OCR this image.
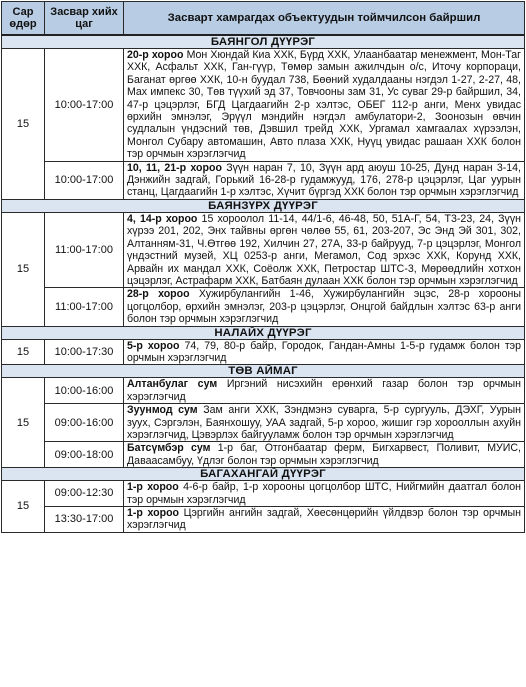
Сар өдөр	Засвар хийх цаг	Засварт хамрагдах объектуудын тоймчилсон байршил
БАЯНГОЛ ДҮҮРЭГ		
15	10:00-17:00	20-р хороо Мон Хюндай Киа ХХК, Бүрд ХХК, Улаанбаатар менежмент, Мон-Таг ХХК, Асфальт ХХК, Ган-гүүр, Төмөр замын ажилчдын о/с, Иточу корпораци, Баганат өргөө ХХК, 10-н буудал 738, Бөөний худалдааны нэгдэл 1-27, 2-27, 48, Max импекс 30, Төв түүхий эд 37, Товчооны зам 31, Ус суваг 29-р байршил, 34, 47-р цэцэрлэг, БГД Цагдаагийн 2-р хэлтэс, ОБЕГ 112-р анги, Менх увидас өрхийн эмнэлэг, Эрүүл мэндийн нэгдэл амбулатори-2, Зоонозын өвчин судлалын үндэсний төв, Дэвшил трейд ХХК, Ургамал хамгаалах хүрээлэн, Монгол Субару автомашин, Авто плаза ХХК, Нуүц увидас рашаан ХХК болон тэр орчмын хэрэглэгчид
	10:00-17:00	10, 11, 21-р хороо Зүүн наран 7, 10, Зүүн ард аюуш 10-25, Дунд наран 3-14, Дэнжийн задгай, Горький 16-28-р гудамжууд, 176, 278-р цэцэрлэг, Цаг уурын станц, Цагдаагийн 1-р хэлтэс, Хүчит бүргэд ХХК болон тэр орчмын хэрэглэгчид
БАЯНЗҮРХ ДҮҮРЭГ		
15	11:00-17:00	4, 14-р хороо 15 хороолол 11-14, 44/1-6, 46-48, 50, 51А-Г, 54, Т3-23, 24, Зүүн хүрээ 201, 202, Энх тайвны өргөн чөлөө 55, 61, 203-207, Эс Энд Эй 301, 302, Алтанням-31, Ч.Өтгөө 192, Хилчин 27, 27А, 33-р байрууд, 7-р цэцэрлэг, Монгол үндэстний музей, ХЦ 0253-р анги, Мегамол, Сод эрхэс ХХК, Корунд ХХК, Арвайн их мандал ХХК, Соёолж ХХК, Петростар ШТС-3, Мөрөөдлийн хотхон цэцэрлэг, Астрафарм ХХК, Батбаян дулаан ХХК болон тэр орчмын хэрэглэгчид
	11:00-17:00	28-р хороо Хужирбулангийн 1-46, Хужирбулангийн эцэс, 28-р хорооны цогцолбор, өрхийн эмнэлэг, 203-р цэцэрлэг, Онцгой байдлын хэлтэс 63-р анги болон тэр орчмын хэрэглэгчид
НАЛАЙХ ДҮҮРЭГ		
15	10:00-17:30	5-р хороо 74, 79, 80-р байр, Городок, Гандан-Амны 1-5-р гудамж болон тэр орчмын хэрэглэгчид
ТӨВ АЙМАГ		
15	10:00-16:00	Алтанбулаг сум Иргэний нисэхийн ерөнхий газар болон тэр орчмын хэрэглэгчид
	09:00-16:00	Зуунмод сум Зам анги ХХК, Зэндмэнэ суварга, 5-р сургууль, ДЭХГ, Уурын зуух, Сэргэлэн, Баянхошуу, УАА задгай, 5-р хороо, жишиг гэр хорооллын ахуйн хэрэглэгчид, Цэвэрлэх байгууламж болон тэр орчмын хэрэглэгчид
	09:00-18:00	Батсүмбэр сум 1-р баг, Отгонбаатар ферм, Бигхарвест, Поливит, МУИС, Даваасамбуу, Үдлэг болон тэр орчмын хэрэглэгчид
БАГАХАНГАЙ ДҮҮРЭГ		
15	09:00-12:30	1-р хороо 4-6-р байр, 1-р хорооны цогцолбор ШТС, Нийгмийн даатгал болон тэр орчмын хэрэглэгчид
	13:30-17:00	1-р хороо Цэргийн ангийн задгай, Хөесөнцөрийн үйлдвэр болон тэр орчмын хэрэглэгчид
